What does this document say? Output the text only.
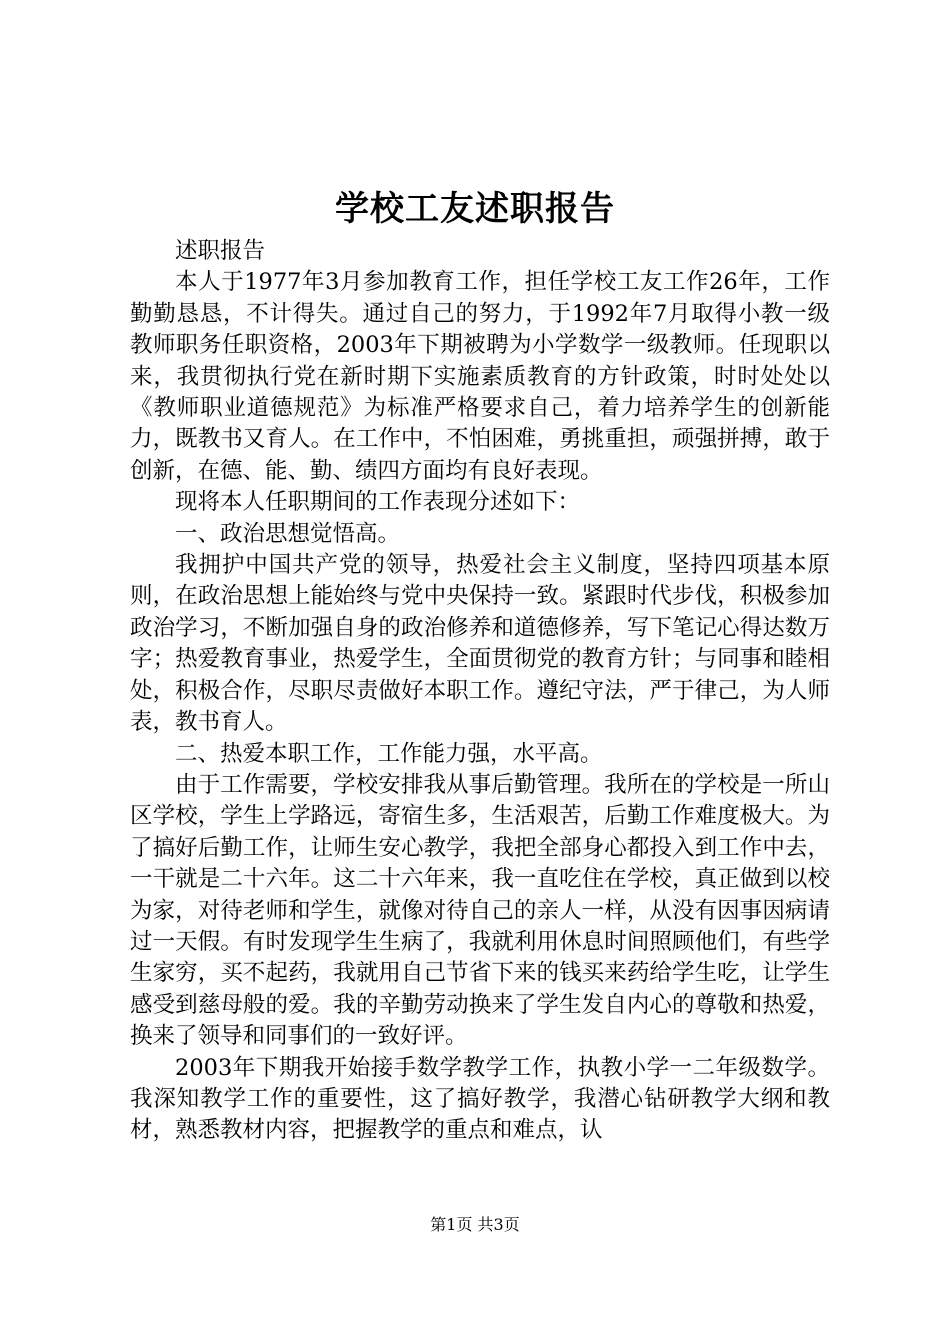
学校工友述职报告

述职报告

本人于1977年3月参加教育工作，担任学校工友工作26年，工作勤勤恳恳，不计得失。通过自己的努力，于1992年7月取得小教一级教师职务任职资格，2003年下期被聘为小学数学一级教师。任现职以来，我贯彻执行党在新时期下实施素质教育的方针政策，时时处处以《教师职业道德规范》为标准严格要求自己，着力培养学生的创新能力，既教书又育人。在工作中，不怕困难，勇挑重担，顽强拼搏，敢于创新，在德、能、勤、绩四方面均有良好表现。

现将本人任职期间的工作表现分述如下：

一、政治思想觉悟高。

我拥护中国共产党的领导，热爱社会主义制度，坚持四项基本原则，在政治思想上能始终与党中央保持一致。紧跟时代步伐，积极参加政治学习，不断加强自身的政治修养和道德修养，写下笔记心得达数万字；热爱教育事业，热爱学生，全面贯彻党的教育方针；与同事和睦相处，积极合作，尽职尽责做好本职工作。遵纪守法，严于律己，为人师表，教书育人。

二、热爱本职工作，工作能力强，水平高。

由于工作需要，学校安排我从事后勤管理。我所在的学校是一所山区学校，学生上学路远，寄宿生多，生活艰苦，后勤工作难度极大。为了搞好后勤工作，让师生安心教学，我把全部身心都投入到工作中去，一干就是二十六年。这二十六年来，我一直吃住在学校，真正做到以校为家，对待老师和学生，就像对待自己的亲人一样，从没有因事因病请过一天假。有时发现学生生病了，我就利用休息时间照顾他们，有些学生家穷，买不起药，我就用自己节省下来的钱买来药给学生吃，让学生感受到慈母般的爱。我的辛勤劳动换来了学生发自内心的尊敬和热爱，换来了领导和同事们的一致好评。

2003年下期我开始接手数学教学工作，执教小学一二年级数学。我深知教学工作的重要性，这了搞好教学，我潜心钻研教学大纲和教材，熟悉教材内容，把握教学的重点和难点，认

第1页 共3页
